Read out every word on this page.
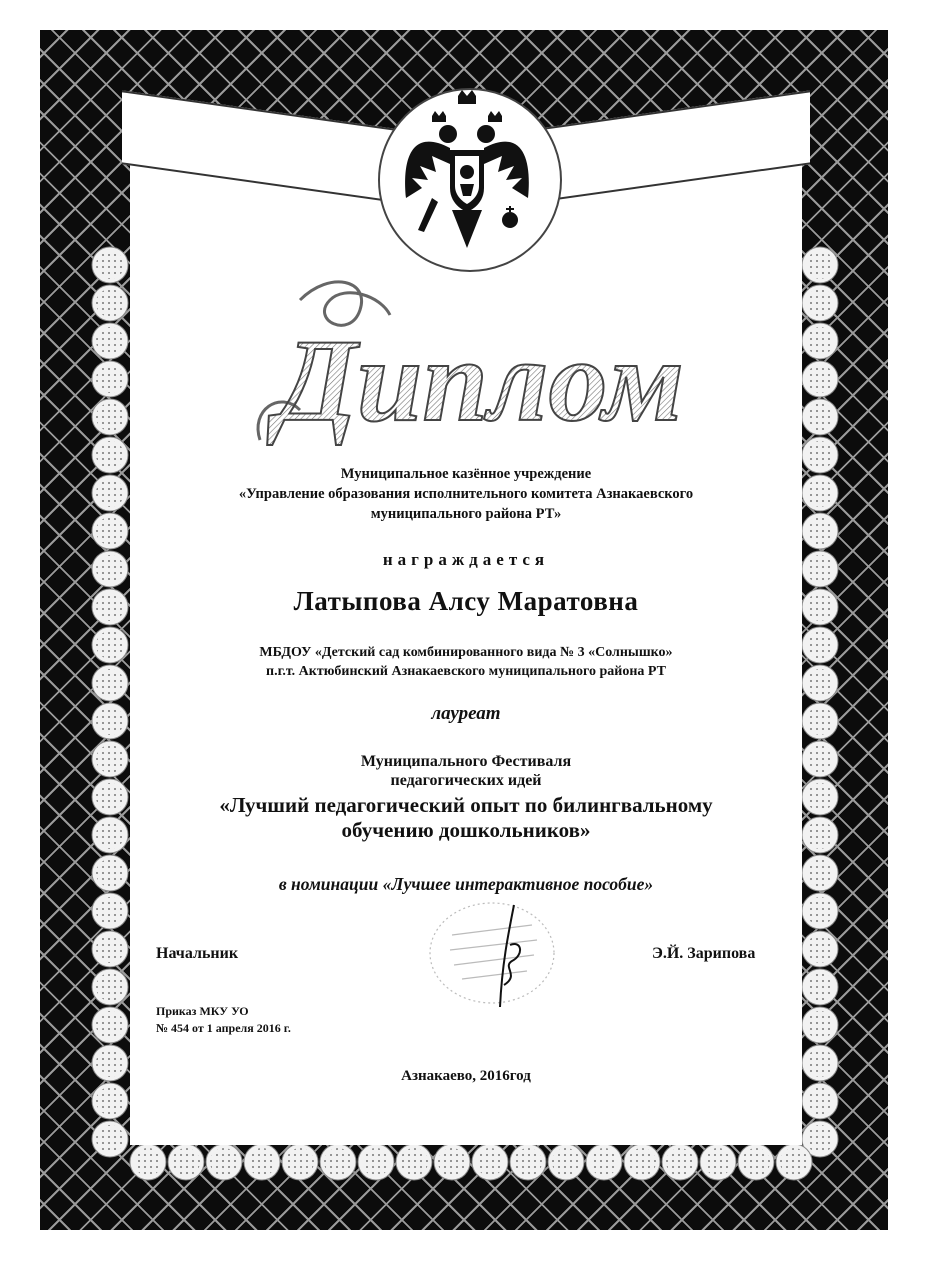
Диплом
Муниципальное казённое учреждение
«Управление образования исполнительного комитета Азнакаевского
муниципального района РТ»
награждается
Латыпова Алсу Маратовна
МБДОУ «Детский сад комбинированного вида № 3 «Солнышко»
п.г.т. Актюбинский Азнакаевского муниципального района РТ
лауреат
Муниципального Фестиваля
педагогических идей
«Лучший педагогический опыт по билингвальному
обучению дошкольников»
в номинации «Лучшее интерактивное пособие»
Начальник	Э.Й. Зарипова
Приказ МКУ УО
№ 454 от 1 апреля 2016 г.
Азнакаево, 2016год
